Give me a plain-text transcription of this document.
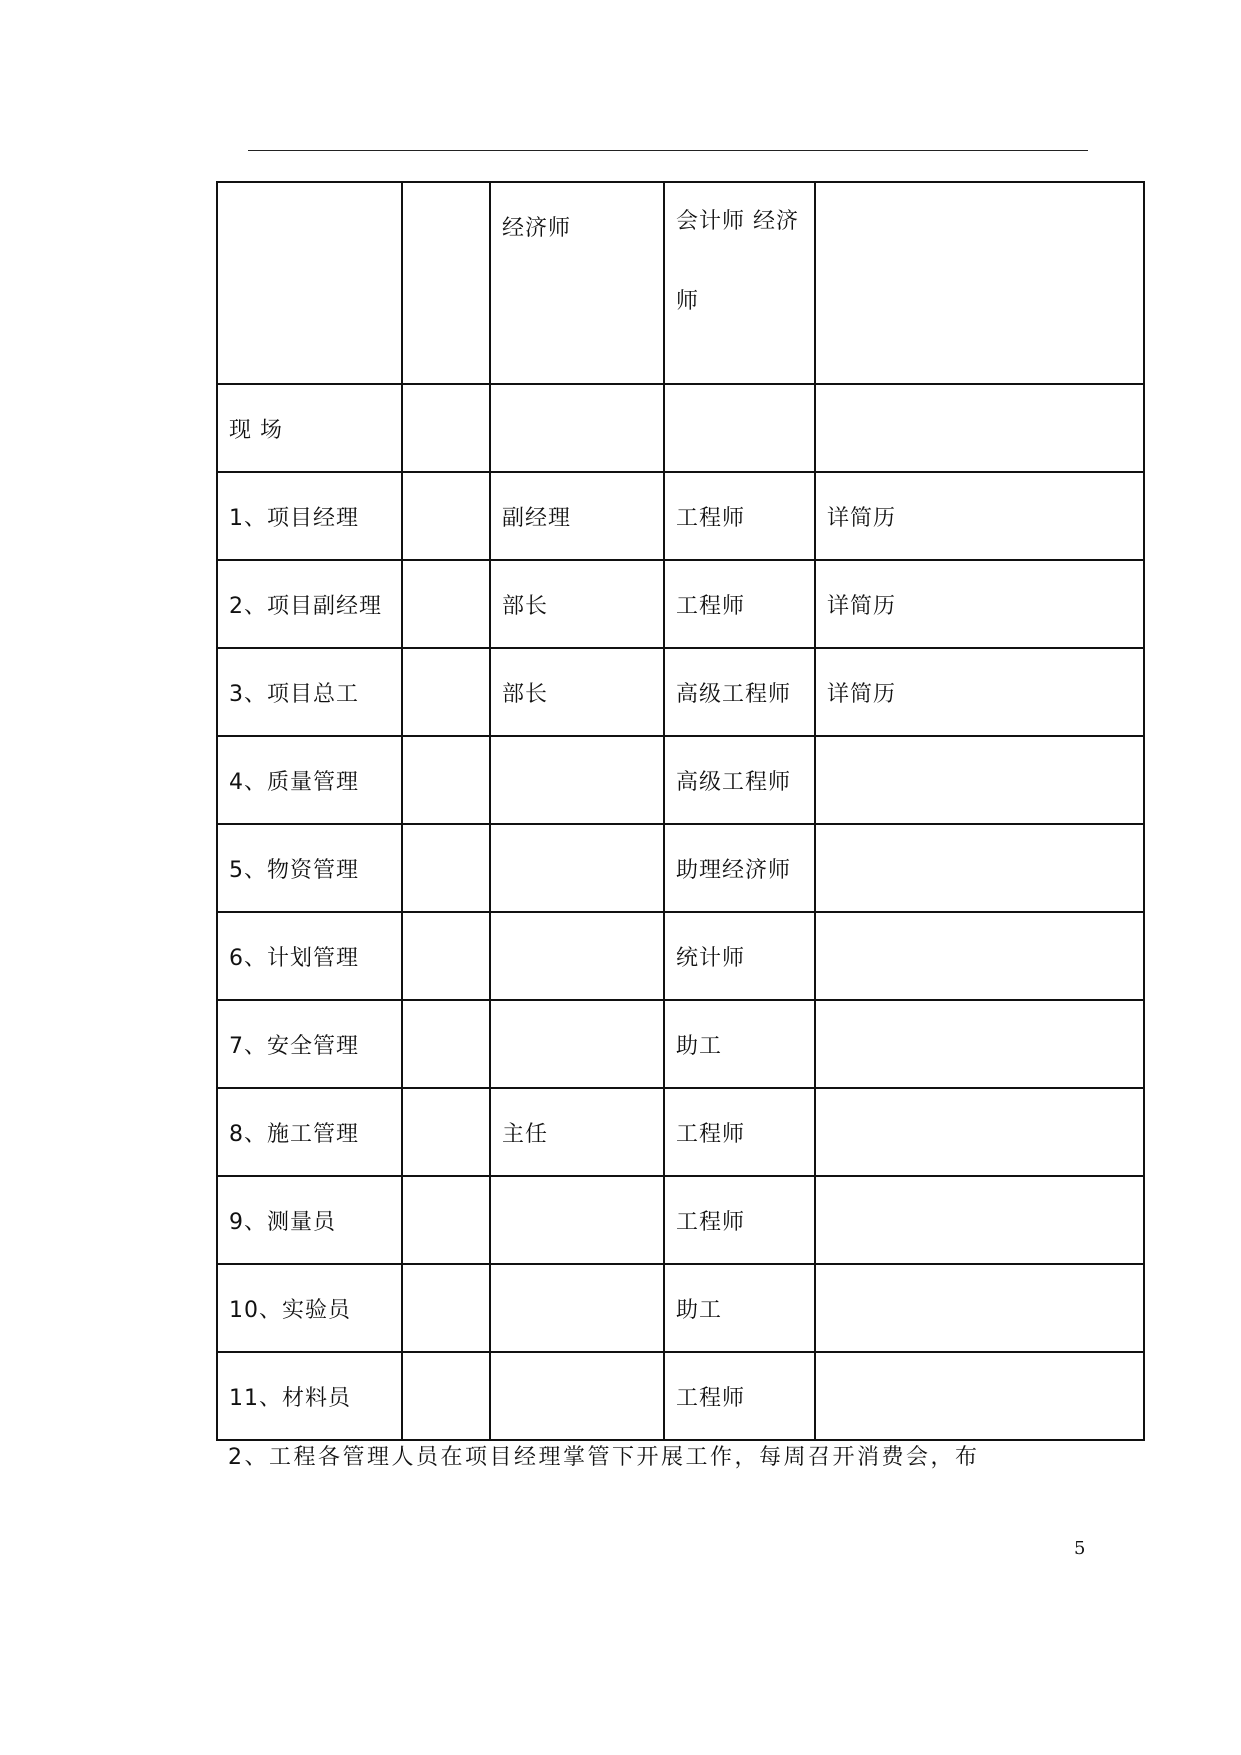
		经济师	会计师 经济
师	

现 场				
1、项目经理		副经理	工程师	详简历
2、项目副经理		部长	工程师	详简历
3、项目总工		部长	高级工程师	详简历
4、质量管理			高级工程师	
5、物资管理			助理经济师	
6、计划管理			统计师	
7、安全管理			助工	
8、施工管理		主任	工程师	
9、测量员			工程师	
10、实验员			助工	
11、材料员			工程师	
2、工程各管理人员在项目经理掌管下开展工作，每周召开消费会，布
5
